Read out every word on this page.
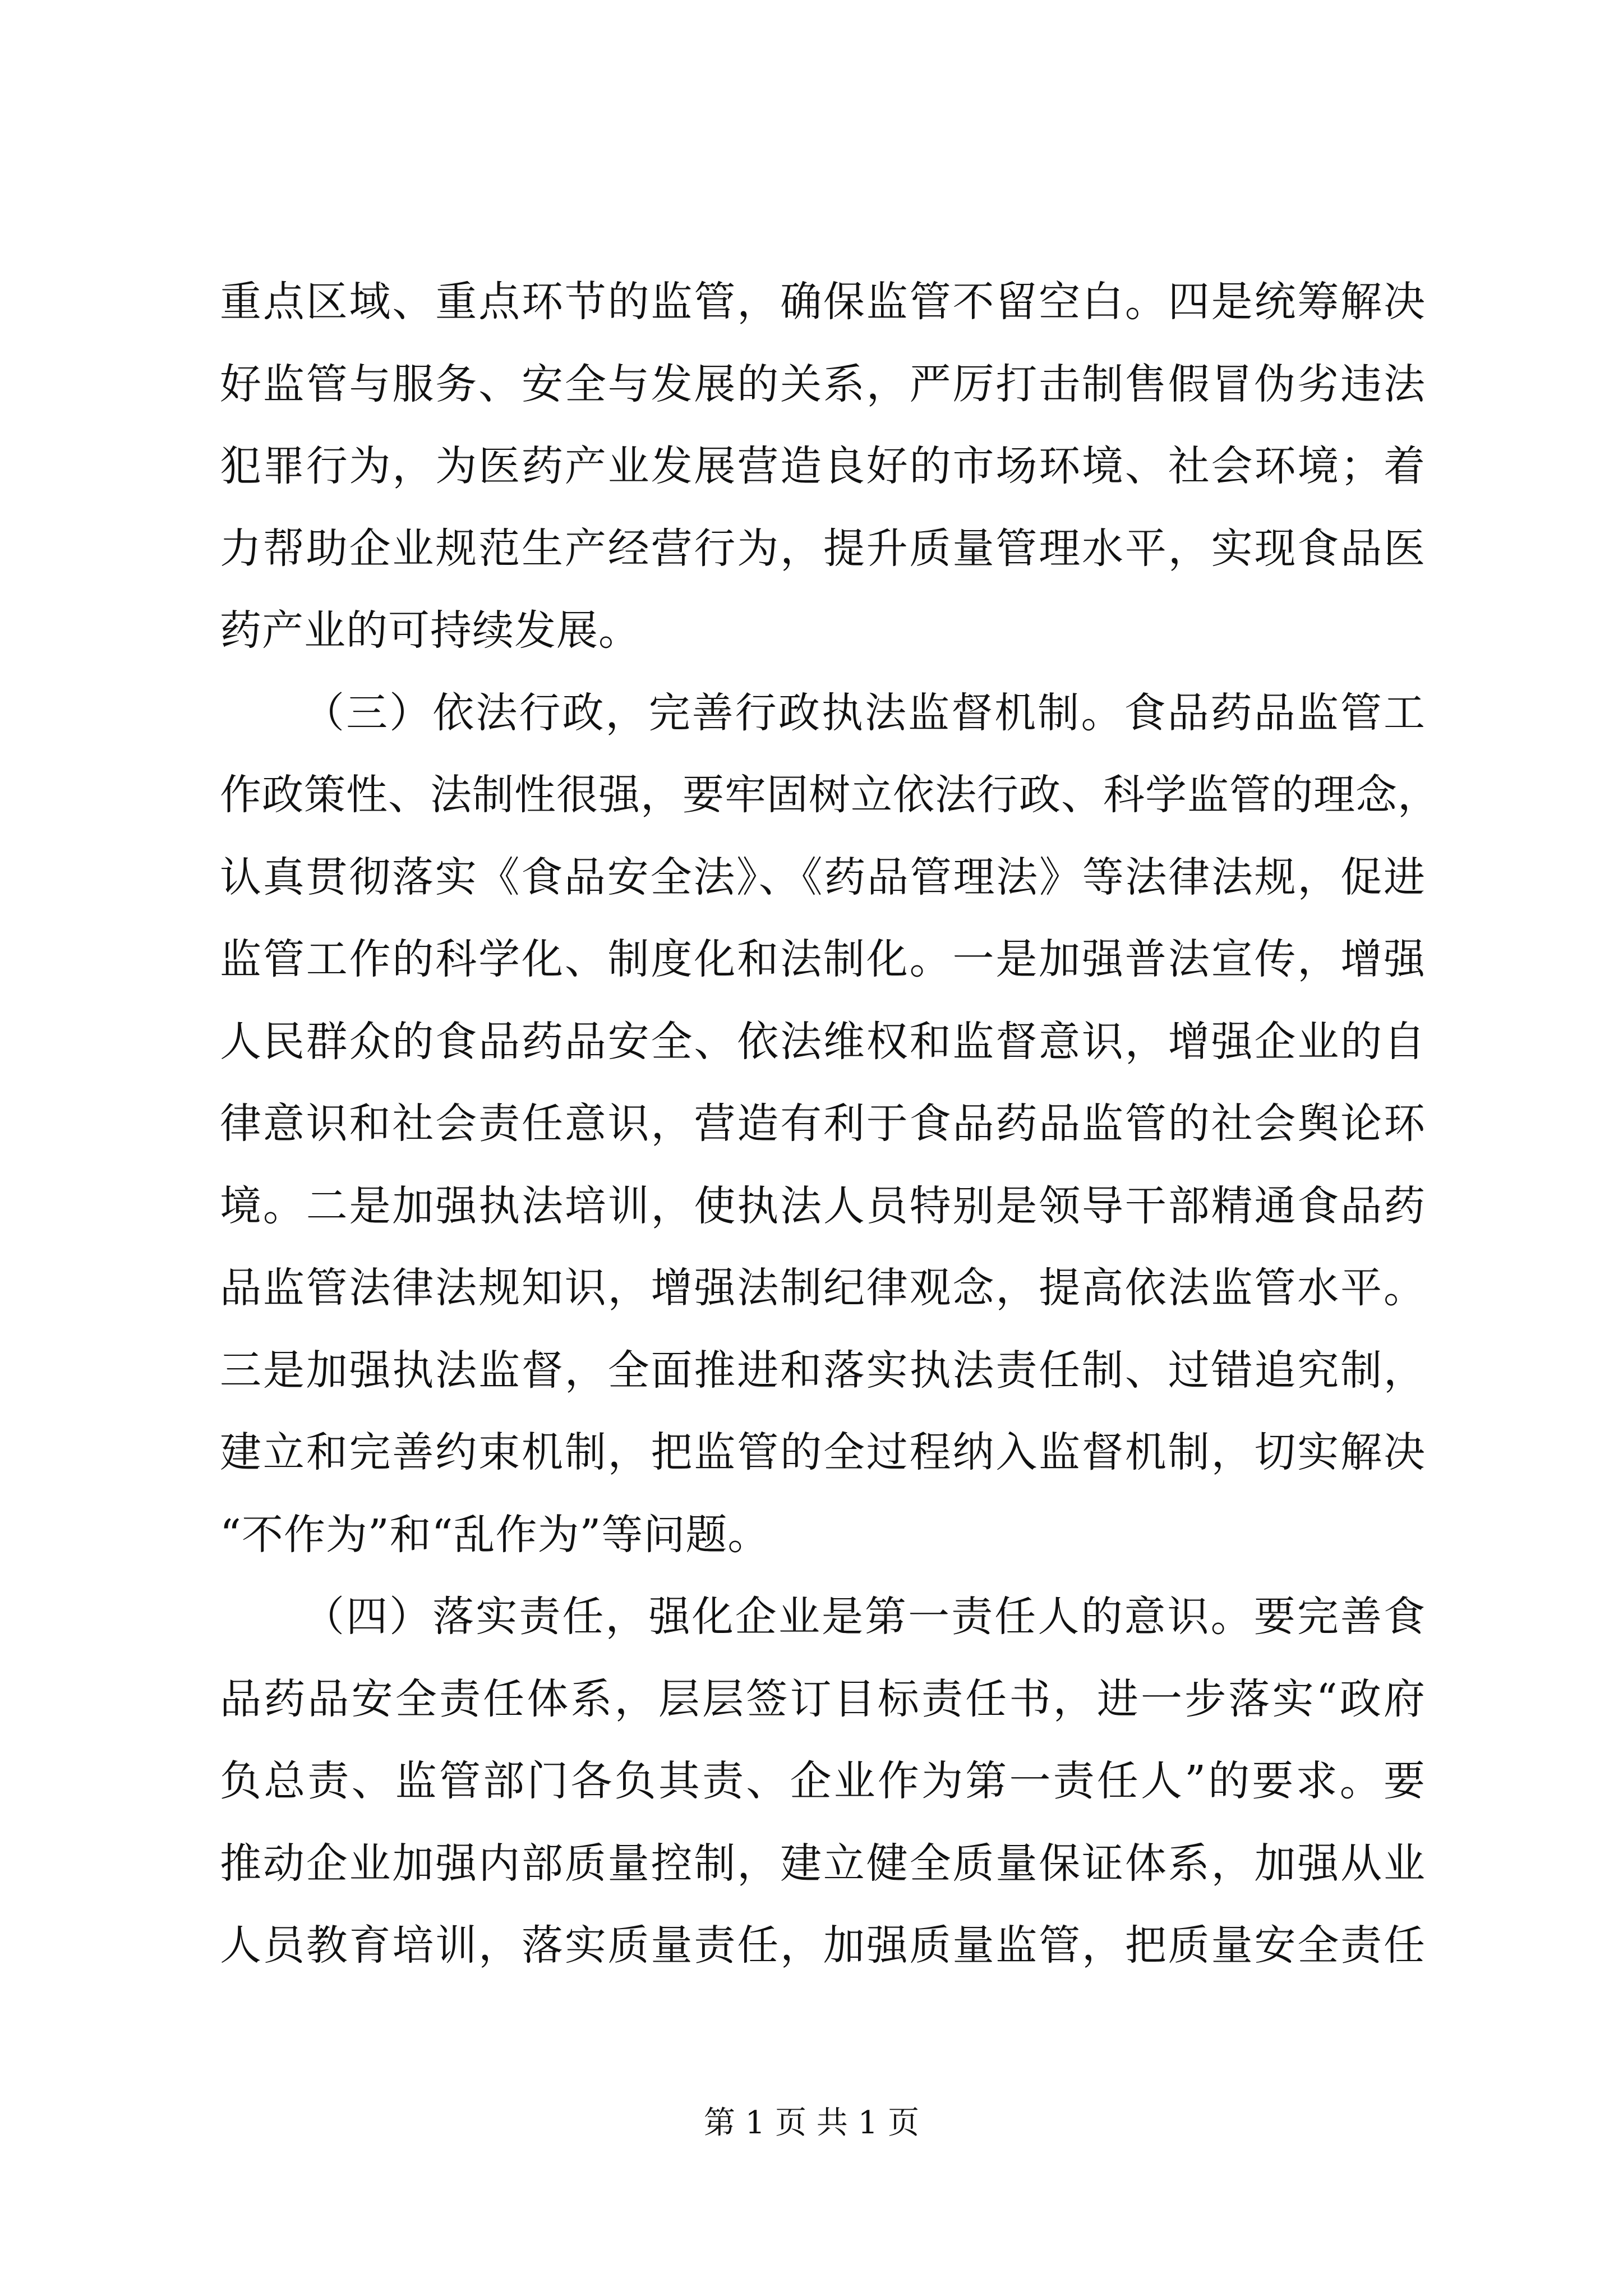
重点区域、重点环节的监管，确保监管不留空白。四是统筹解决
好监管与服务、安全与发展的关系，严厉打击制售假冒伪劣违法
犯罪行为，为医药产业发展营造良好的市场环境、社会环境；着
力帮助企业规范生产经营行为，提升质量管理水平，实现食品医
药产业的可持续发展。
（三）依法行政，完善行政执法监督机制。食品药品监管工
作政策性、法制性很强，要牢固树立依法行政、科学监管的理念，
认真贯彻落实《食品安全法》、《药品管理法》等法律法规，促进
监管工作的科学化、制度化和法制化。一是加强普法宣传，增强
人民群众的食品药品安全、依法维权和监督意识，增强企业的自
律意识和社会责任意识，营造有利于食品药品监管的社会舆论环
境。二是加强执法培训，使执法人员特别是领导干部精通食品药
品监管法律法规知识，增强法制纪律观念，提高依法监管水平。
三是加强执法监督，全面推进和落实执法责任制、过错追究制，
建立和完善约束机制，把监管的全过程纳入监督机制，切实解决
“不作为”和“乱作为”等问题。
（四）落实责任，强化企业是第一责任人的意识。要完善食
品药品安全责任体系，层层签订目标责任书，进一步落实“政府
负总责、监管部门各负其责、企业作为第一责任人”的要求。要
推动企业加强内部质量控制，建立健全质量保证体系，加强从业
人员教育培训，落实质量责任，加强质量监管，把质量安全责任
第 1 页 共 1 页
